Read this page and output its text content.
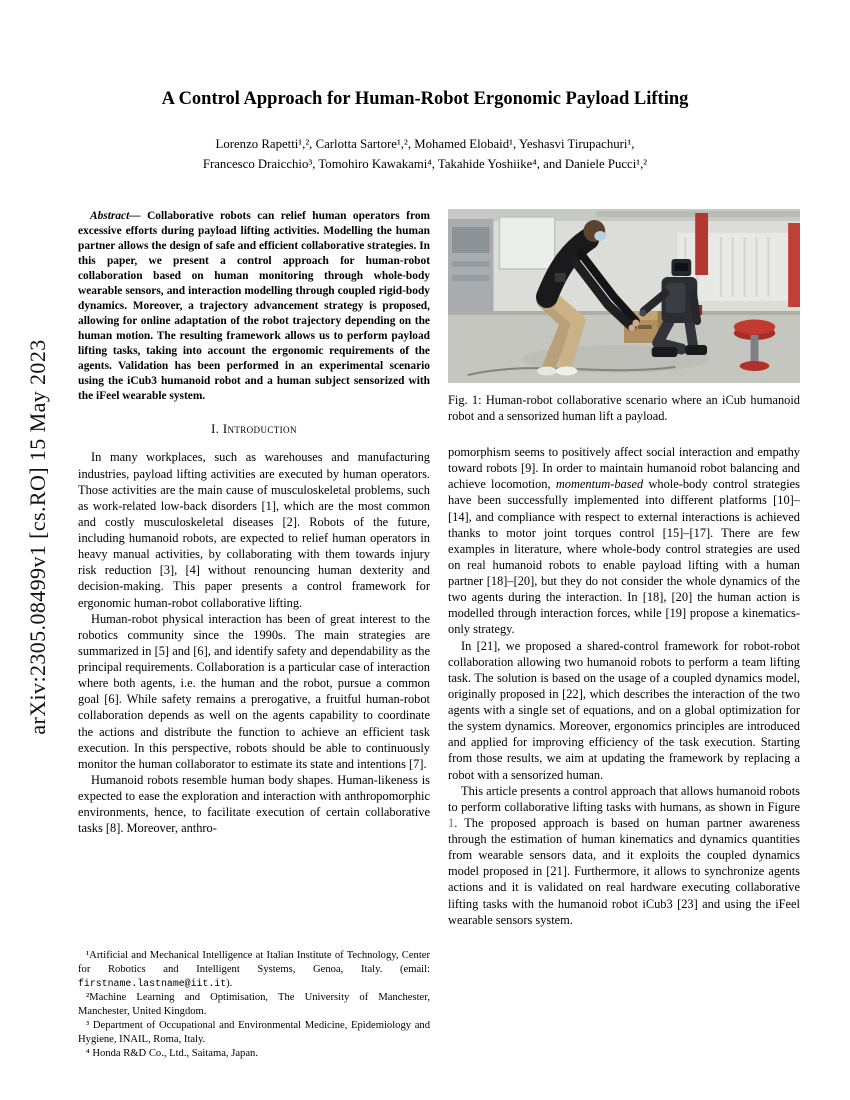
arXiv:2305.08499v1 [cs.RO] 15 May 2023
A Control Approach for Human-Robot Ergonomic Payload Lifting
Lorenzo Rapetti¹,², Carlotta Sartore¹,², Mohamed Elobaid¹, Yeshasvi Tirupachuri¹,
Francesco Draicchio³, Tomohiro Kawakami⁴, Takahide Yoshiike⁴, and Daniele Pucci¹,²

Abstract— Collaborative robots can relief human operators from excessive efforts during payload lifting activities. Modelling the human partner allows the design of safe and efficient collaborative strategies. In this paper, we present a control approach for human-robot collaboration based on human monitoring through whole-body wearable sensors, and interaction modelling through coupled rigid-body dynamics. Moreover, a trajectory advancement strategy is proposed, allowing for online adaptation of the robot trajectory depending on the human motion. The resulting framework allows us to perform payload lifting tasks, taking into account the ergonomic requirements of the agents. Validation has been performed in an experimental scenario using the iCub3 humanoid robot and a human subject sensorized with the iFeel wearable system.

I. Introduction

In many workplaces, such as warehouses and manufacturing industries, payload lifting activities are executed by human operators. Those activities are the main cause of musculoskeletal problems, such as work-related low-back disorders [1], which are the most common and costly musculoskeletal diseases [2]. Robots of the future, including humanoid robots, are expected to relief human operators in heavy manual activities, by collaborating with them towards injury risk reduction [3], [4] without renouncing human dexterity and decision-making. This paper presents a control framework for ergonomic human-robot collaborative lifting.

Human-robot physical interaction has been of great interest to the robotics community since the 1990s. The main strategies are summarized in [5] and [6], and identify safety and dependability as the principal requirements. Collaboration is a particular case of interaction where both agents, i.e. the human and the robot, pursue a common goal [6]. While safety remains a prerogative, a fruitful human-robot collaboration depends as well on the agents capability to coordinate the actions and distribute the function to achieve an efficient task execution. In this perspective, robots should be able to continuously monitor the human collaborator to estimate its state and intentions [7].

Humanoid robots resemble human body shapes. Human-likeness is expected to ease the exploration and interaction with anthropomorphic environments, hence, to facilitate execution of certain collaborative tasks [8]. Moreover, anthro-

¹Artificial and Mechanical Intelligence at Italian Institute of Technology, Center for Robotics and Intelligent Systems, Genoa, Italy. (email: firstname.lastname@iit.it).

²Machine Learning and Optimisation, The University of Manchester, Manchester, United Kingdom.

³ Department of Occupational and Environmental Medicine, Epidemiology and Hygiene, INAIL, Roma, Italy.

⁴ Honda R&D Co., Ltd., Saitama, Japan.

Fig. 1: Human-robot collaborative scenario where an iCub humanoid robot and a sensorized human lift a payload.

pomorphism seems to positively affect social interaction and empathy toward robots [9]. In order to maintain humanoid robot balancing and achieve locomotion, momentum-based whole-body control strategies have been successfully implemented into different platforms [10]–[14], and compliance with respect to external interactions is achieved thanks to motor joint torques control [15]–[17]. There are few examples in literature, where whole-body control strategies are used on real humanoid robots to enable payload lifting with a human partner [18]–[20], but they do not consider the whole dynamics of the two agents during the interaction. In [18], [20] the human action is modelled through interaction forces, while [19] propose a kinematics-only strategy.

In [21], we proposed a shared-control framework for robot-robot collaboration allowing two humanoid robots to perform a team lifting task. The solution is based on the usage of a coupled dynamics model, originally proposed in [22], which describes the interaction of the two agents with a single set of equations, and on a global optimization for the system dynamics. Moreover, ergonomics principles are introduced and applied for improving efficiency of the task execution. Starting from those results, we aim at updating the framework by replacing a robot with a sensorized human.

This article presents a control approach that allows humanoid robots to perform collaborative lifting tasks with humans, as shown in Figure 1. The proposed approach is based on human partner awareness through the estimation of human kinematics and dynamics quantities from wearable sensors data, and it exploits the coupled dynamics model proposed in [21]. Furthermore, it allows to synchronize agents actions and it is validated on real hardware executing collaborative lifting tasks with the humanoid robot iCub3 [23] and using the iFeel wearable sensors system.
